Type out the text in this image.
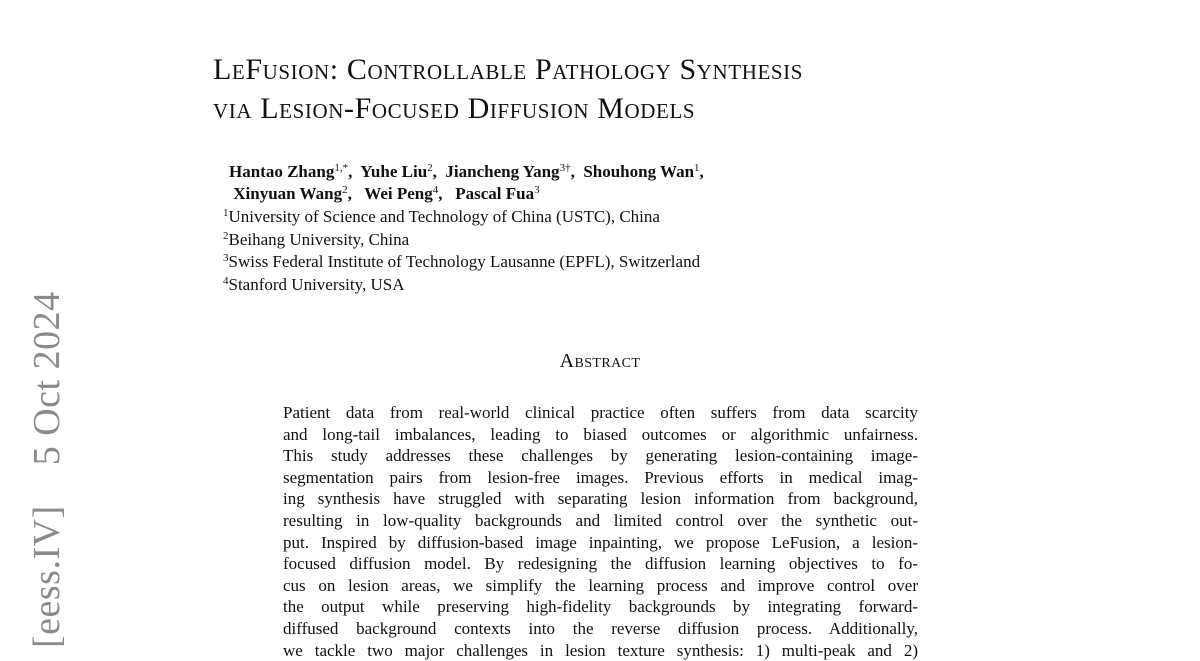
[eess.IV]    5 Oct 2024
LeFusion: Controllable Pathology Synthesis
via Lesion-Focused Diffusion Models
Hantao Zhang$^{1,*}$,  Yuhe Liu$^2$,  Jiancheng Yang$^{3\dagger}$,  Shouhong Wan$^1$,
Xinyuan Wang$^2$,   Wei Peng$^4$,   Pascal Fua$^3$
$^1$University of Science and Technology of China (USTC), China
$^2$Beihang University, China
$^3$Swiss Federal Institute of Technology Lausanne (EPFL), Switzerland
$^4$Stanford University, USA
Abstract
Patient data from real-world clinical practice often suffers from data scarcity
and long-tail imbalances, leading to biased outcomes or algorithmic unfairness.
This study addresses these challenges by generating lesion-containing image-
segmentation pairs from lesion-free images. Previous efforts in medical imag-
ing synthesis have struggled with separating lesion information from background,
resulting in low-quality backgrounds and limited control over the synthetic out-
put. Inspired by diffusion-based image inpainting, we propose LeFusion, a lesion-
focused diffusion model. By redesigning the diffusion learning objectives to fo-
cus on lesion areas, we simplify the learning process and improve control over
the output while preserving high-fidelity backgrounds by integrating forward-
diffused background contexts into the reverse diffusion process. Additionally,
we tackle two major challenges in lesion texture synthesis: 1) multi-peak and 2)
